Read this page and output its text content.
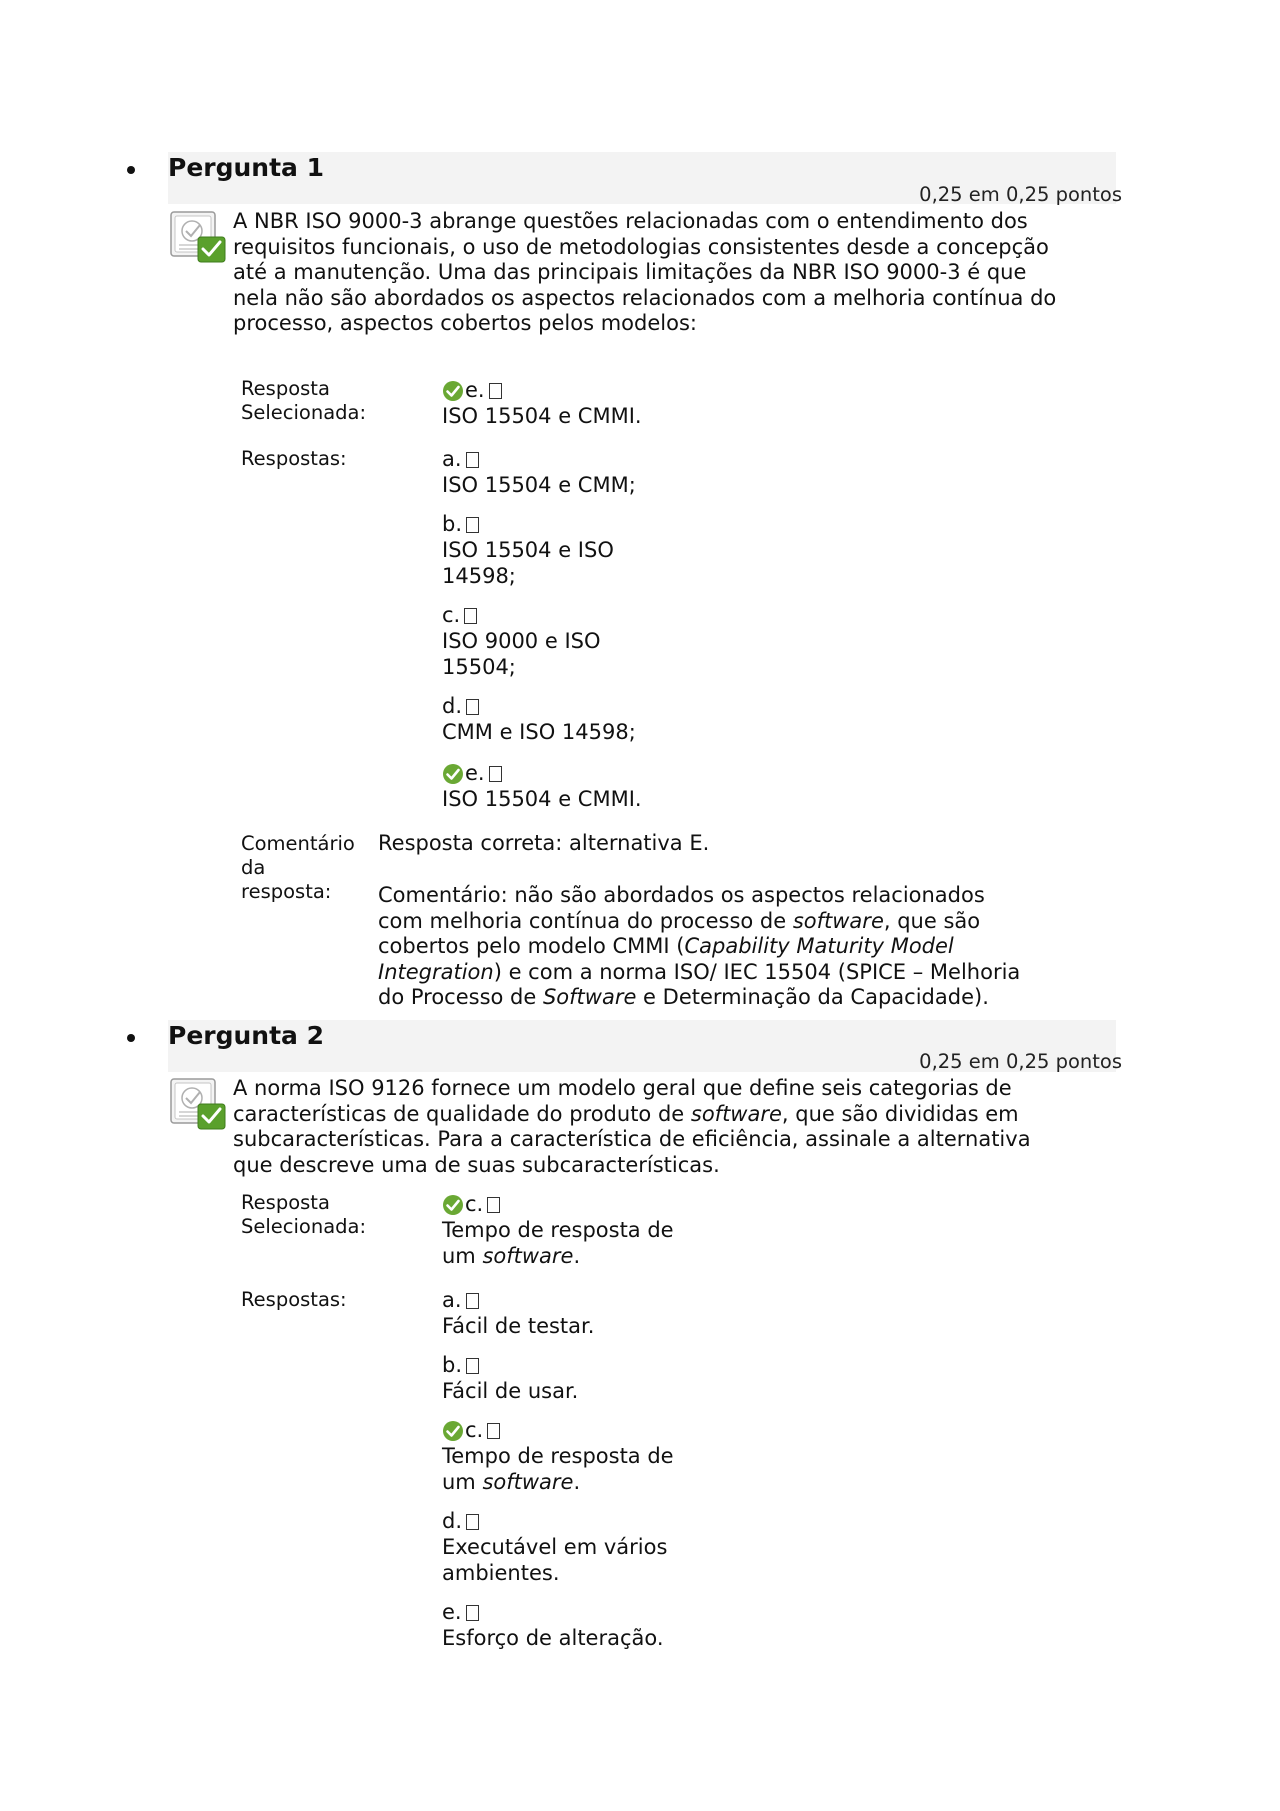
Pergunta 1
0,25 em 0,25 pontos
A NBR ISO 9000-3 abrange questões relacionadas com o entendimento dos requisitos funcionais, o uso de metodologias consistentes desde a concepção até a manutenção. Uma das principais limitações da NBR ISO 9000-3 é que nela não são abordados os aspectos relacionados com a melhoria contínua do processo, aspectos cobertos pelos modelos:
Resposta
Selecionada:
e.
ISO 15504 e CMMI.
Respostas:	a.
ISO 15504 e CMM;
b.
ISO 15504 e ISO
14598;
c.
ISO 9000 e ISO
15504;
d.
CMM e ISO 14598;
e.
ISO 15504 e CMMI.
Comentário
da
resposta:
Resposta correta: alternativa E.
Comentário: não são abordados os aspectos relacionados
com melhoria contínua do processo de software, que são
cobertos pelo modelo CMMI (Capability Maturity Model
Integration) e com a norma ISO/ IEC 15504 (SPICE – Melhoria
do Processo de Software e Determinação da Capacidade).
Pergunta 2
0,25 em 0,25 pontos
A norma ISO 9126 fornece um modelo geral que define seis categorias de
características de qualidade do produto de software, que são divididas em
subcaracterísticas. Para a característica de eficiência, assinale a alternativa
que descreve uma de suas subcaracterísticas.
Resposta
Selecionada:
c.
Tempo de resposta de
um software.
Respostas:	a.
Fácil de testar.
b.
Fácil de usar.
c.
Tempo de resposta de
um software.
d.
Executável em vários
ambientes.
e.
Esforço de alteração.
